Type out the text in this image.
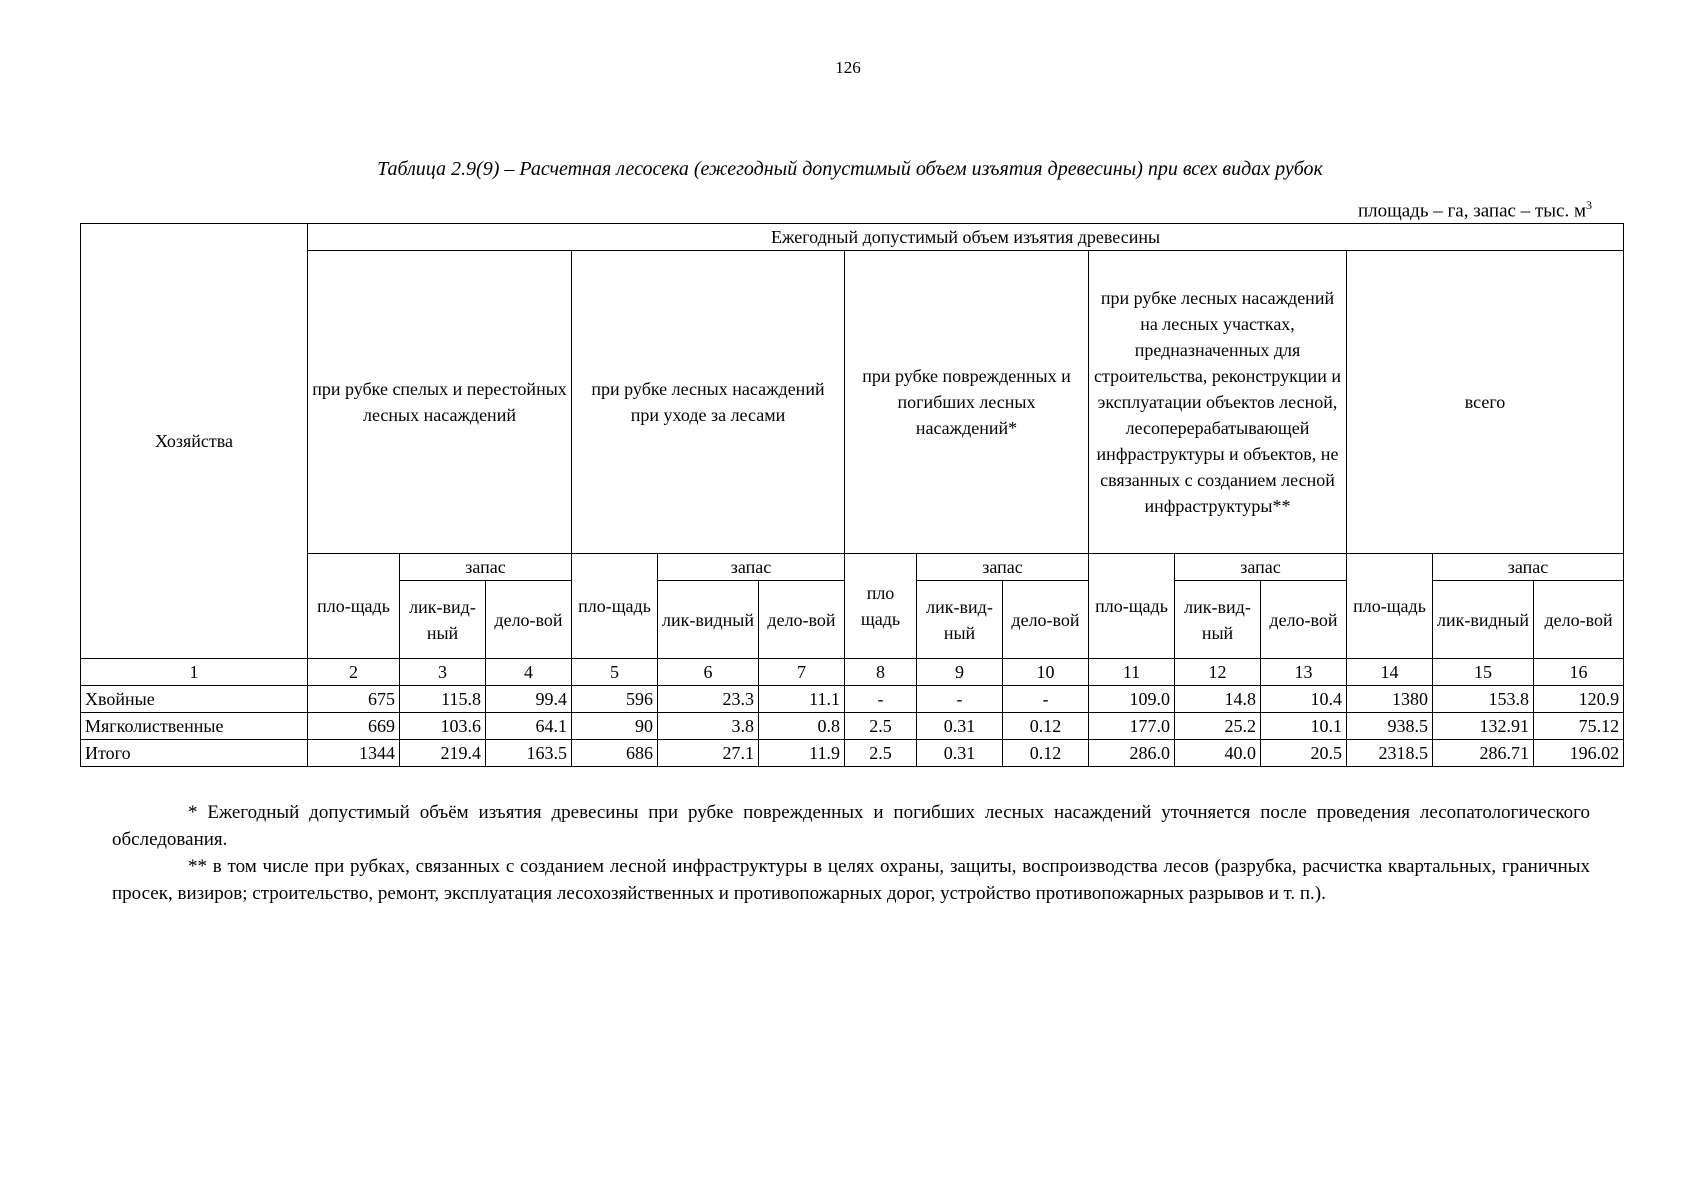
126
Таблица 2.9(9) – Расчетная лесосека (ежегодный допустимый объем изъятия древесины) при всех видах рубок
площадь – га, запас – тыс. $м^3$
Хозяйства	Ежегодный допустимый объем изъятия древесины														
	при рубке спелых и перестойных лесных насаждений			при рубке лесных насаждений при уходе за лесами			при рубке поврежденных и погибших лесных насаждений*			при рубке лесных насаждений на лесных участках, предназначенных для строительства, реконструкции и эксплуатации объектов лесной, лесоперерабатывающей инфраструктуры и объектов, не связанных с созданием лесной инфраструктуры**			всего		
	пло-щадь	запас		пло-щадь	запас		пло щадь	запас		пло-щадь	запас		пло-щадь	запас	
		лик-вид-ный	дело-вой		лик-видный	дело-вой		лик-вид-ный	дело-вой		лик-вид-ный	дело-вой		лик-видный	дело-вой
1	2	3	4	5	6	7	8	9	10	11	12	13	14	15	16
Хвойные	675	115.8	99.4	596	23.3	11.1	-	-	-	109.0	14.8	10.4	1380	153.8	120.9
Мягколиственные	669	103.6	64.1	90	3.8	0.8	2.5	0.31	0.12	177.0	25.2	10.1	938.5	132.91	75.12
Итого	1344	219.4	163.5	686	27.1	11.9	2.5	0.31	0.12	286.0	40.0	20.5	2318.5	286.71	196.02

* Ежегодный допустимый объём изъятия древесины при рубке поврежденных и погибших лесных насаждений уточняется после проведения лесопатологического обследования.

** в том числе при рубках, связанных с созданием лесной инфраструктуры в целях охраны, защиты, воспроизводства лесов (разрубка, расчистка квартальных, граничных просек, визиров; строительство, ремонт, эксплуатация лесохозяйственных и противопожарных дорог, устройство противопожарных разрывов и т. п.).
